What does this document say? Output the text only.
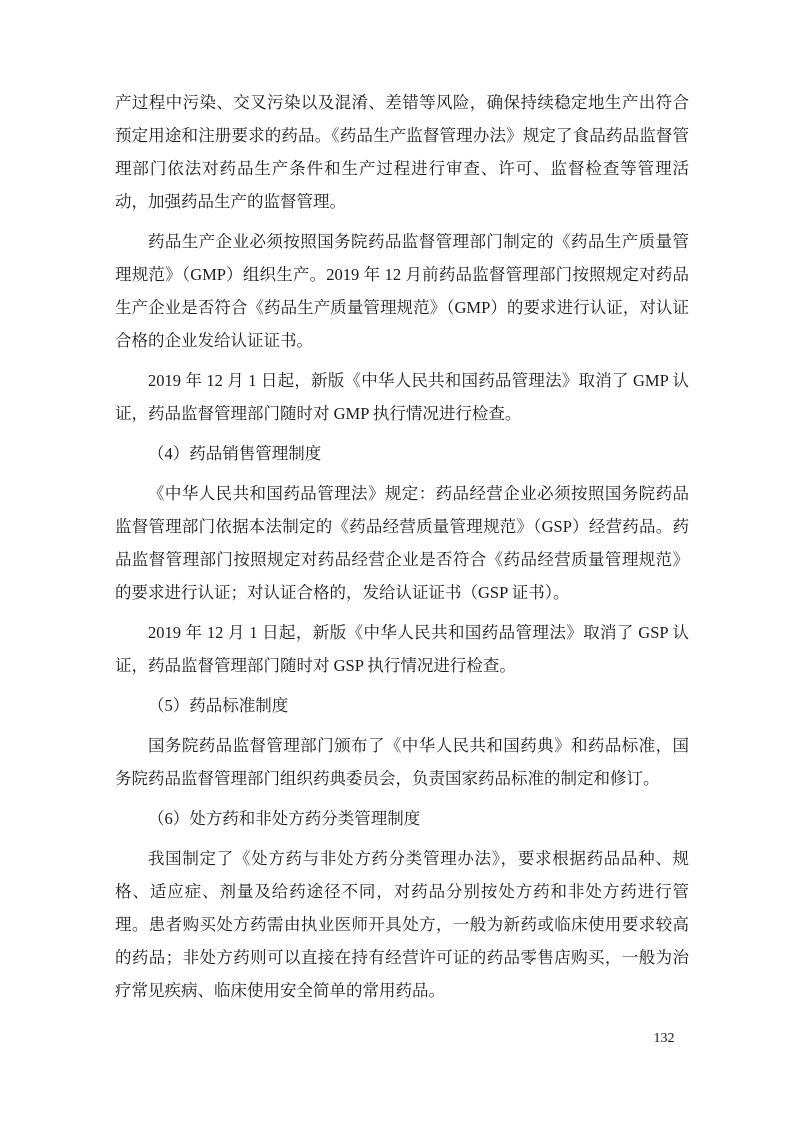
产过程中污染、交叉污染以及混淆、差错等风险，确保持续稳定地生产出符合预定用途和注册要求的药品。《药品生产监督管理办法》规定了食品药品监督管理部门依法对药品生产条件和生产过程进行审查、许可、监督检查等管理活动，加强药品生产的监督管理。

药品生产企业必须按照国务院药品监督管理部门制定的《药品生产质量管理规范》（GMP）组织生产。2019 年 12 月前药品监督管理部门按照规定对药品生产企业是否符合《药品生产质量管理规范》（GMP）的要求进行认证，对认证合格的企业发给认证证书。

2019 年 12 月 1 日起，新版《中华人民共和国药品管理法》取消了 GMP 认证，药品监督管理部门随时对 GMP 执行情况进行检查。

（4）药品销售管理制度

《中华人民共和国药品管理法》规定：药品经营企业必须按照国务院药品监督管理部门依据本法制定的《药品经营质量管理规范》（GSP）经营药品。药品监督管理部门按照规定对药品经营企业是否符合《药品经营质量管理规范》的要求进行认证；对认证合格的，发给认证证书（GSP 证书）。

2019 年 12 月 1 日起，新版《中华人民共和国药品管理法》取消了 GSP 认证，药品监督管理部门随时对 GSP 执行情况进行检查。

（5）药品标准制度

国务院药品监督管理部门颁布了《中华人民共和国药典》和药品标准，国务院药品监督管理部门组织药典委员会，负责国家药品标准的制定和修订。

（6）处方药和非处方药分类管理制度

我国制定了《处方药与非处方药分类管理办法》，要求根据药品品种、规格、适应症、剂量及给药途径不同，对药品分别按处方药和非处方药进行管理。患者购买处方药需由执业医师开具处方，一般为新药或临床使用要求较高的药品；非处方药则可以直接在持有经营许可证的药品零售店购买，一般为治疗常见疾病、临床使用安全简单的常用药品。

132
